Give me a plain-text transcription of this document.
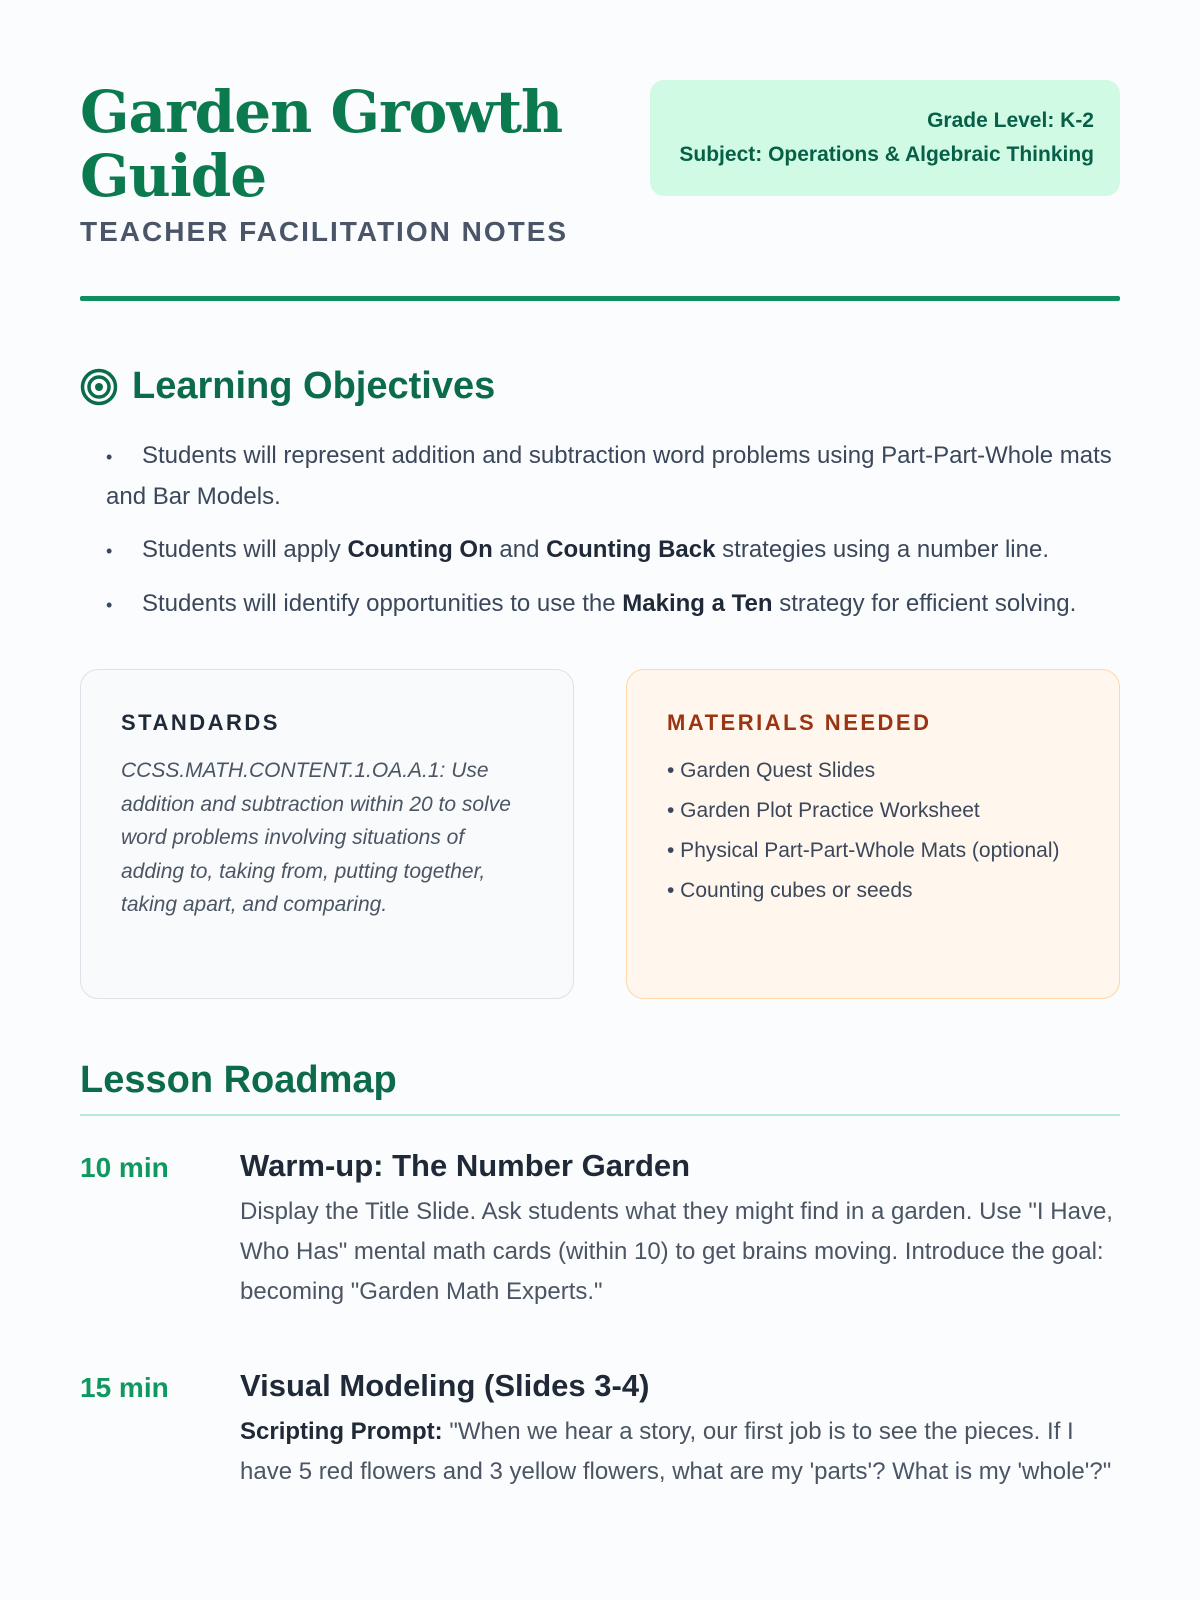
Garden Growth Guide
TEACHER FACILITATION NOTES
Grade Level: K-2
Subject: Operations & Algebraic Thinking
Learning Objectives
• Students will represent addition and subtraction word problems using Part-Part-Whole mats and Bar Models.
• Students will apply Counting On and Counting Back strategies using a number line.
• Students will identify opportunities to use the Making a Ten strategy for efficient solving.
STANDARDS
CCSS.MATH.CONTENT.1.OA.A.1: Use addition and subtraction within 20 to solve word problems involving situations of adding to, taking from, putting together, taking apart, and comparing.
MATERIALS NEEDED
• Garden Quest Slides
• Garden Plot Practice Worksheet
• Physical Part-Part-Whole Mats (optional)
• Counting cubes or seeds
Lesson Roadmap
10 min	Warm-up: The Number Garden
Display the Title Slide. Ask students what they might find in a garden. Use "I Have, Who Has" mental math cards (within 10) to get brains moving. Introduce the goal: becoming "Garden Math Experts."
15 min	Visual Modeling (Slides 3-4)
Scripting Prompt: "When we hear a story, our first job is to see the pieces. If I have 5 red flowers and 3 yellow flowers, what are my 'parts'? What is my 'whole'?"
